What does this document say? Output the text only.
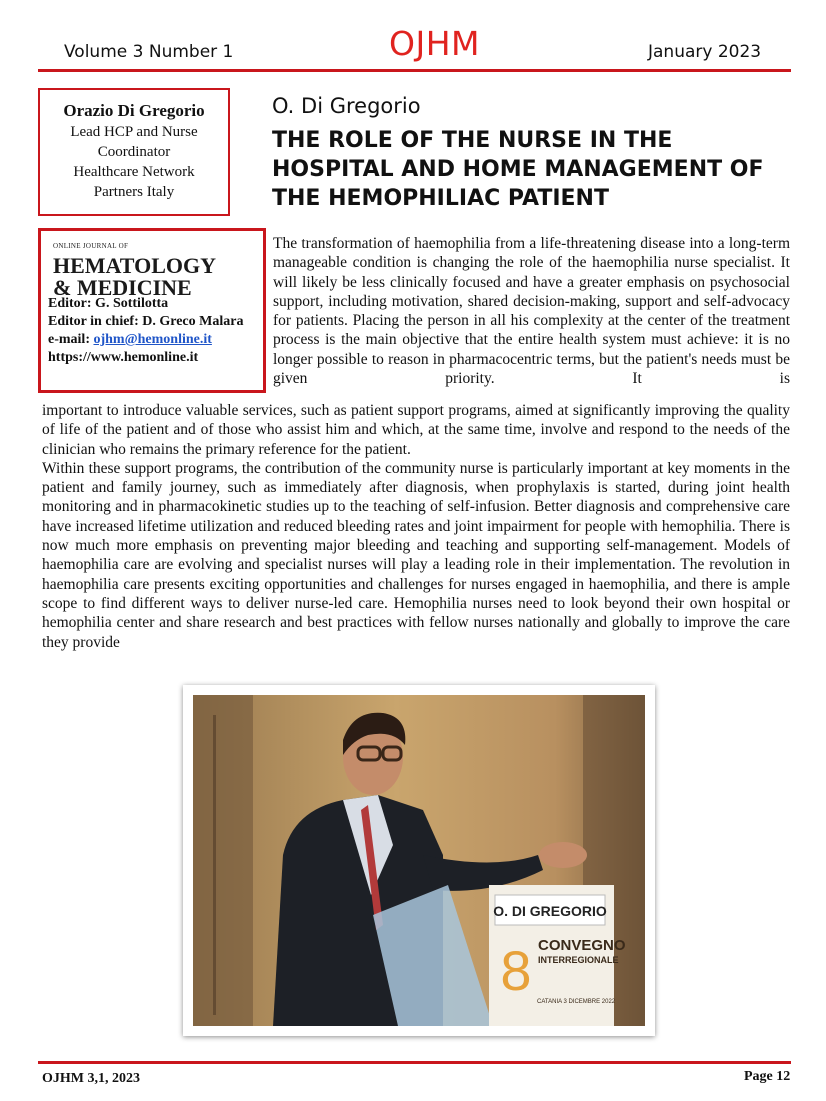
Volume 3 Number 1	OJHM	January 2023
Orazio Di Gregorio
Lead HCP and Nurse
Coordinator
Healthcare Network
Partners Italy
ONLINE JOURNAL OF
HEMATOLOGY
& MEDICINE
Editor: G. Sottilotta
Editor in chief: D. Greco Malara
e-mail: ojhm@hemonline.it
https://www.hemonline.it
O. Di Gregorio
THE ROLE OF THE NURSE IN THE HOSPITAL AND HOME MANAGEMENT OF THE HEMOPHILIAC PATIENT
The transformation of haemophilia from a life-threatening disease into a long-term manageable condition is changing the role of the haemophilia nurse specialist. It will likely be less clinically focused and have a greater emphasis on psychosocial support, including motivation, shared decision-making, support and self-advocacy for patients. Placing the person in all his complexity at the center of the treatment process is the main objective that the entire health system must achieve: it is no longer possible to reason in pharmacocentric terms, but the patient's needs must be given priority. It is

important to introduce valuable services, such as patient support programs, aimed at significantly improving the quality of life of the patient and of those who assist him and which, at the same time, involve and respond to the needs of the clinician who remains the primary reference for the patient.

Within these support programs, the contribution of the community nurse is particularly important at key moments in the patient and family journey, such as immediately after diagnosis, when prophylaxis is started, during joint health monitoring and in pharmacokinetic studies up to the teaching of self-infusion. Better diagnosis and comprehensive care have increased lifetime utilization and reduced bleeding rates and joint impairment for people with hemophilia. There is now much more emphasis on preventing major bleeding and teaching and supporting self-management. Models of haemophilia care are evolving and specialist nurses will play a leading role in their implementation. The revolution in haemophilia care presents exciting opportunities and challenges for nurses engaged in haemophilia, and there is ample scope to find different ways to deliver nurse-led care. Hemophilia nurses need to look beyond their own hospital or hemophilia center and share research and best practices with fellow nurses nationally and globally to improve the care they provide

O. DI GREGORIO
8 CONVEGNO
INTERREGIONALE
CATANIA 3 DICEMBRE 2022
OJHM 3,1, 2023	Page 12
